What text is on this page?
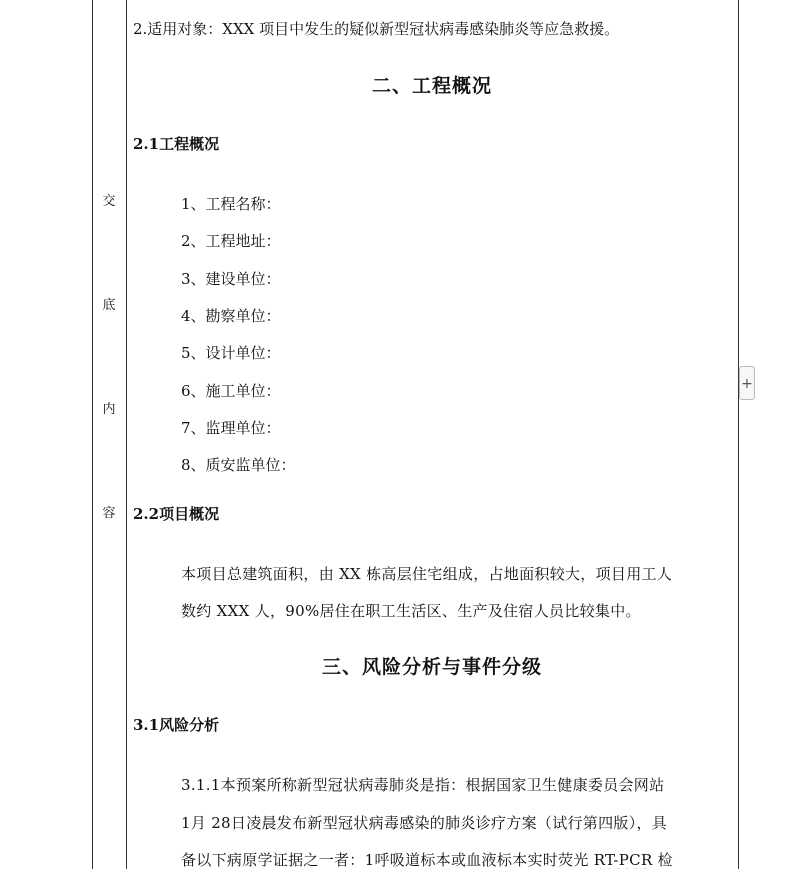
交
底
内
容
2.适用对象：XXX 项目中发生的疑似新型冠状病毒感染肺炎等应急救援。
二、工程概况
2.1工程概况
1、工程名称：
2、工程地址：
3、建设单位：
4、勘察单位：
5、设计单位：
6、施工单位：
7、监理单位：
8、质安监单位：
2.2项目概况
本项目总建筑面积，由 XX 栋高层住宅组成，占地面积较大，项目用工人
数约 XXX 人，90%居住在职工生活区、生产及住宿人员比较集中。
三、风险分析与事件分级
3.1风险分析
3.1.1本预案所称新型冠状病毒肺炎是指：根据国家卫生健康委员会网站
1月 28日凌晨发布新型冠状病毒感染的肺炎诊疗方案（试行第四版），具
备以下病原学证据之一者：1呼吸道标本或血液标本实时荧光 RT-PCR 检
+
